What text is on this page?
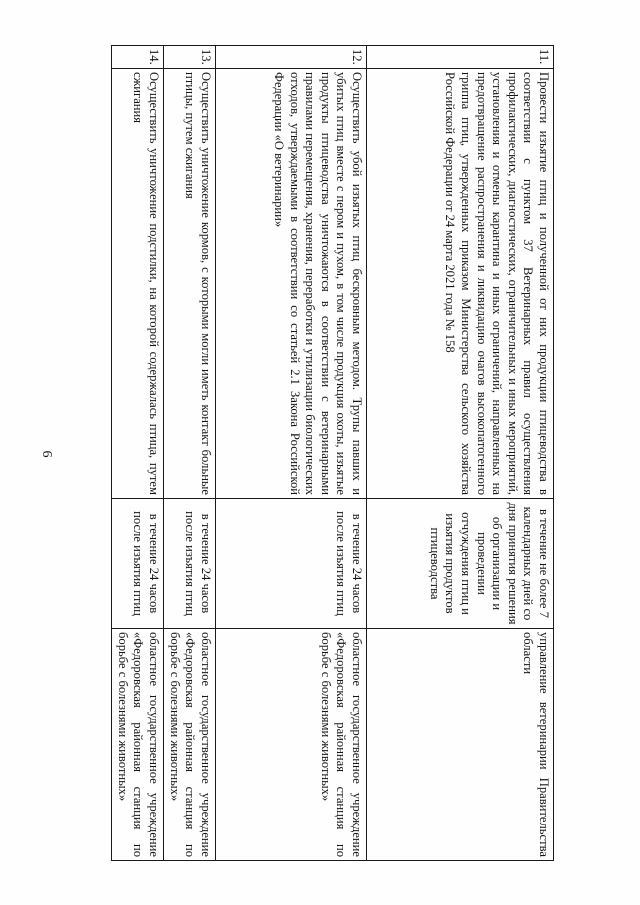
6
11.	Провести изъятие птиц и полученной от них продукции птицеводства в соответствии с пунктом 37 Ветеринарных правил осуществления профилактических, диагностических, ограничительных и иных мероприятий, установления и отмены карантина и иных ограничений, направленных на предотвращение распространения и ликвидацию очагов высокопатогенного гриппа птиц, утвержденных приказом Министерства сельского хозяйства Российской Федерации от 24 марта 2021 года № 158	в течение не более 7 календарных дней со дня принятия решения об организации и проведении отчуждения птиц и изъятия продуктов птицеводства	управление ветеринарии Правительства области
12.	Осуществить убой изъятых птиц бескровным методом. Трупы павших и убитых птиц вместе с пером и пухом, в том числе продукция охоты, изъятые продукты птицеводства уничтожаются в соответствии с ветеринарными правилами перемещения, хранения, переработки и утилизации биологических отходов, утверждаемыми в соответствии со статьей 2.1 Закона Российской Федерации «О ветеринарии»	в течение 24 часов после изъятия птиц	областное государственное учреждение «Федоровская районная станция по борьбе с болезнями животных»
13.	Осуществить уничтожение кормов, с которыми могли иметь контакт больные птицы, путем сжигания	в течение 24 часов после изъятия птиц	областное государственное учреждение «Федоровская районная станция по борьбе с болезнями животных»
14.	Осуществить уничтожение подстилки, на которой содержалась птица, путем сжигания	в течение 24 часов после изъятия птиц	областное государственное учреждение «Федоровская районная станция по борьбе с болезнями животных»
